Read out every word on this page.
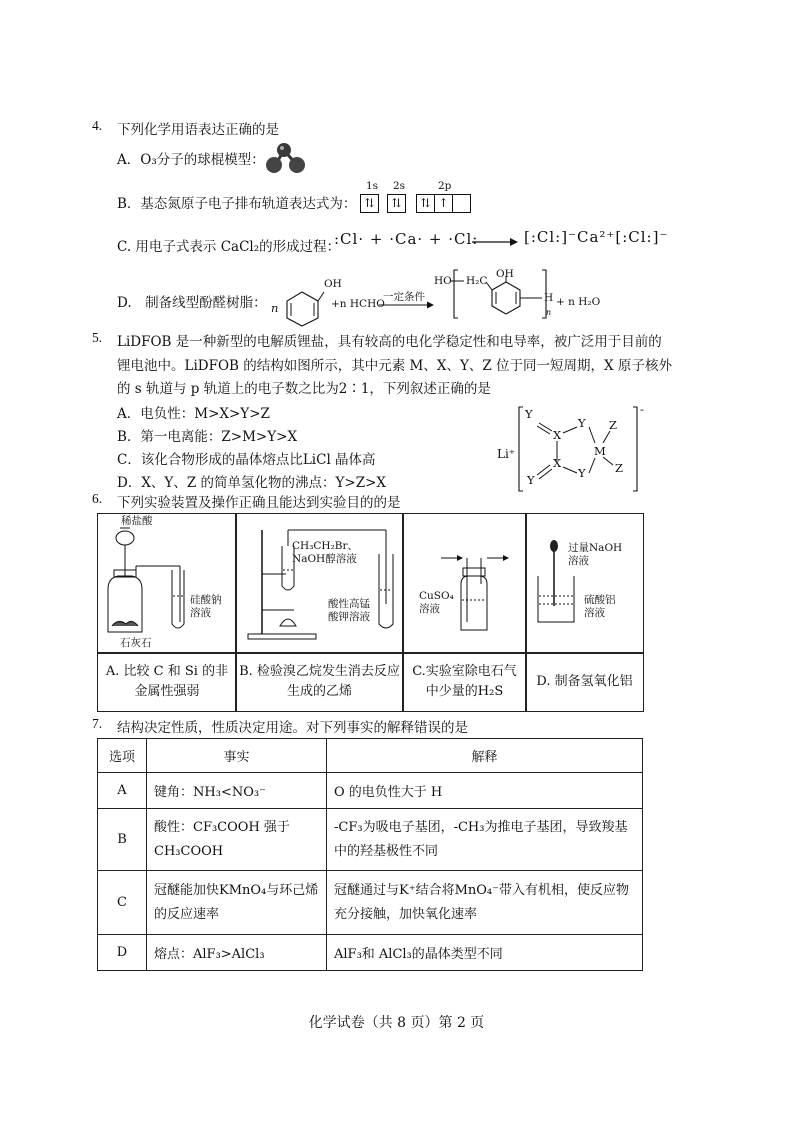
4. 下列化学用语表达正确的是
A．O₃分子的球棍模型：
B．基态氮原子电子排布轨道表达式为：
1s 2s	2p
⇅	⇅	⇅ ↑
C. 用电子式表示 CaCl₂的形成过程：
:Cl· + ·Ca· + ·Cl: → [:Cl:]⁻Ca²⁺[:Cl:]⁻
D.　制备线型酚醛树脂： n
OH
+n HCHO
一定条件
HO H₂C
OH
H
n
+ n H₂O
5. LiDFOB 是一种新型的电解质锂盐，具有较高的电化学稳定性和电导率，被广泛用于目前的
锂电池中。LiDFOB 的结构如图所示，其中元素 M、X、Y、Z 位于同一短周期，X 原子核外
的 s 轨道与 p 轨道上的电子数之比为2∶1，下列叙述正确的是
A．电负性：M>X>Y>Z
B．第一电离能：Z>M>Y>X
C．该化合物形成的晶体熔点比LiCl 晶体高
D．X、Y、Z 的简单氢化物的沸点：Y>Z>X
Li⁺
Y
X
Y
M
Z
Z
X
Y
Y
-
6. 下列实验装置及操作正确且能达到实验目的的是
稀盐酸
硅酸钠
溶液
石灰石
CH₃CH₂Br、
NaOH醇溶液
酸性高锰
酸钾溶液
CuSO₄
溶液
过量NaOH
溶液
硫酸铝
溶液
A. 比较 C 和 Si 的非金属性强弱
B. 检验溴乙烷发生消去反应生成的乙烯
C.实验室除电石气中少量的H₂S
D. 制备氢氧化铝
7. 结构决定性质，性质决定用途。对下列事实的解释错误的是
选项	事实	解释
A	键角：NH₃<NO₃⁻	O 的电负性大于 H
B	酸性：CF₃COOH 强于 CH₃COOH	-CF₃为吸电子基团，-CH₃为推电子基团，导致羧基中的羟基极性不同
C	冠醚能加快KMnO₄与环己烯的反应速率	冠醚通过与K⁺结合将MnO₄⁻带入有机相，使反应物充分接触，加快氧化速率
D	熔点：AlF₃>AlCl₃	AlF₃和 AlCl₃的晶体类型不同
化学试卷（共 8 页）第 2 页
